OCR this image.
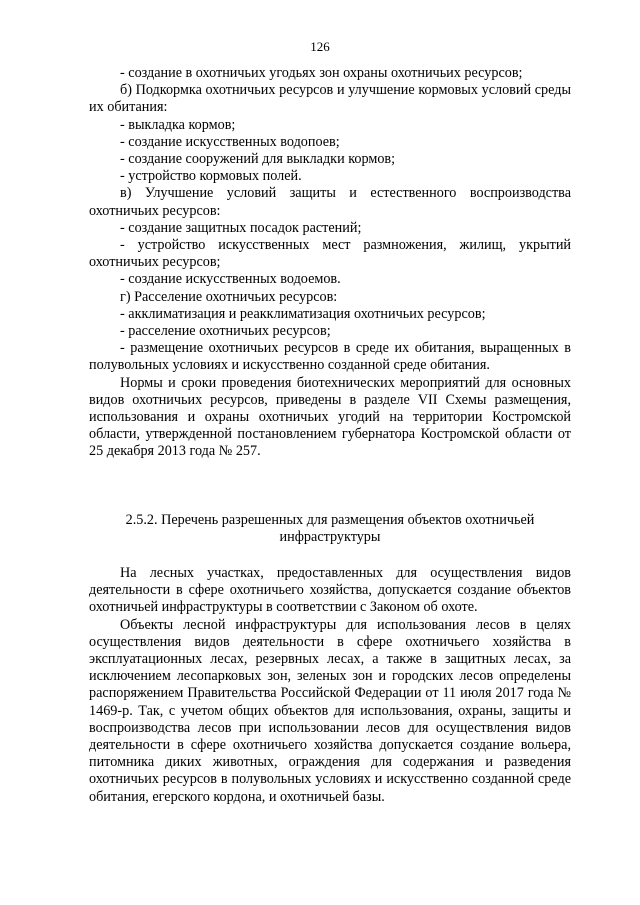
126

- создание в охотничьих угодьях зон охраны охотничьих ресурсов;

б) Подкормка охотничьих ресурсов и улучшение кормовых условий среды их обитания:

- выкладка кормов;

- создание искусственных водопоев;

- создание сооружений для выкладки кормов;

- устройство кормовых полей.

в) Улучшение условий защиты и естественного воспроизводства охотничьих ресурсов:

- создание защитных посадок растений;

- устройство искусственных мест размножения, жилищ, укрытий охотничьих ресурсов;

- создание искусственных водоемов.

г) Расселение охотничьих ресурсов:

- акклиматизация и реакклиматизация охотничьих ресурсов;

- расселение охотничьих ресурсов;

- размещение охотничьих ресурсов в среде их обитания, выращенных в полувольных условиях и искусственно созданной среде обитания.

Нормы и сроки проведения биотехнических мероприятий для основных видов охотничьих ресурсов, приведены в разделе VII Схемы размещения, использования и охраны охотничьих угодий на территории Костромской области, утвержденной постановлением губернатора Костромской области от 25 декабря 2013 года № 257.

2.5.2. Перечень разрешенных для размещения объектов охотничьей
инфраструктуры

На лесных участках, предоставленных для осуществления видов деятельности в сфере охотничьего хозяйства, допускается создание объектов охотничьей инфраструктуры в соответствии с Законом об охоте.

Объекты лесной инфраструктуры для использования лесов в целях осуществления видов деятельности в сфере охотничьего хозяйства в эксплуатационных лесах, резервных лесах, а также в защитных лесах, за исключением лесопарковых зон, зеленых зон и городских лесов определены распоряжением Правительства Российской Федерации от 11 июля 2017 года № 1469-р. Так, с учетом общих объектов для использования, охраны, защиты и воспроизводства лесов при использовании лесов для осуществления видов деятельности в сфере охотничьего хозяйства допускается создание вольера, питомника диких животных, ограждения для содержания и разведения охотничьих ресурсов в полувольных условиях и искусственно созданной среде обитания, егерского кордона, и охотничьей базы.
